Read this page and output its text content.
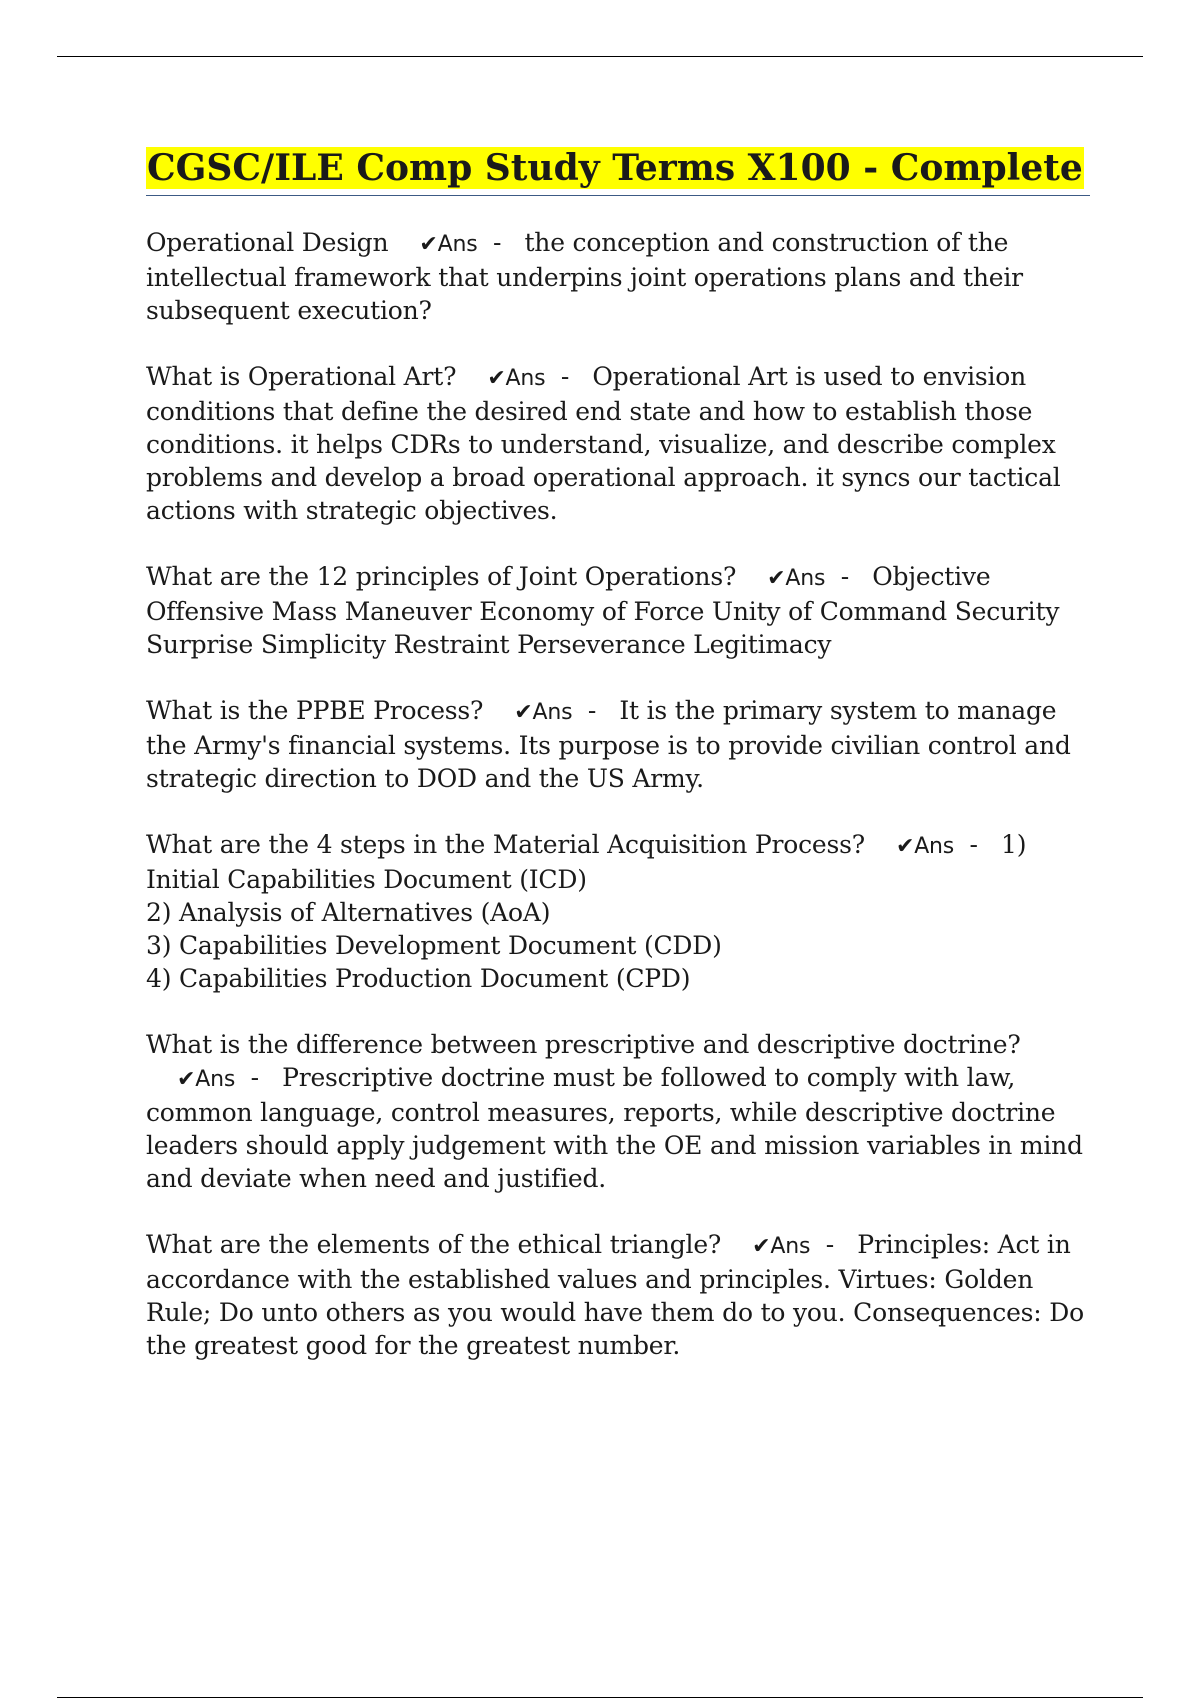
CGSC/ILE Comp Study Terms X100 - Complete

Operational Design ✔Ans  -   the conception and construction of the intellectual framework that underpins joint operations plans and their subsequent execution?

What is Operational Art? ✔Ans  -   Operational Art is used to envision conditions that define the desired end state and how to establish those conditions. it helps CDRs to understand, visualize, and describe complex problems and develop a broad operational approach. it syncs our tactical actions with strategic objectives.

What are the 12 principles of Joint Operations? ✔Ans  -   Objective Offensive Mass Maneuver Economy of Force Unity of Command Security Surprise Simplicity Restraint Perseverance Legitimacy

What is the PPBE Process? ✔Ans  -   It is the primary system to manage the Army's financial systems. Its purpose is to provide civilian control and strategic direction to DOD and the US Army.

What are the 4 steps in the Material Acquisition Process? ✔Ans  -   1) Initial Capabilities Document (ICD)
2) Analysis of Alternatives (AoA)
3) Capabilities Development Document (CDD)
4) Capabilities Production Document (CPD)

What is the difference between prescriptive and descriptive doctrine?    ✔Ans  -   Prescriptive doctrine must be followed to comply with law, common language, control measures, reports, while descriptive doctrine leaders should apply judgement with the OE and mission variables in mind and deviate when need and justified.

What are the elements of the ethical triangle? ✔Ans  -   Principles: Act in accordance with the established values and principles. Virtues: Golden Rule; Do unto others as you would have them do to you. Consequences: Do the greatest good for the greatest number.
